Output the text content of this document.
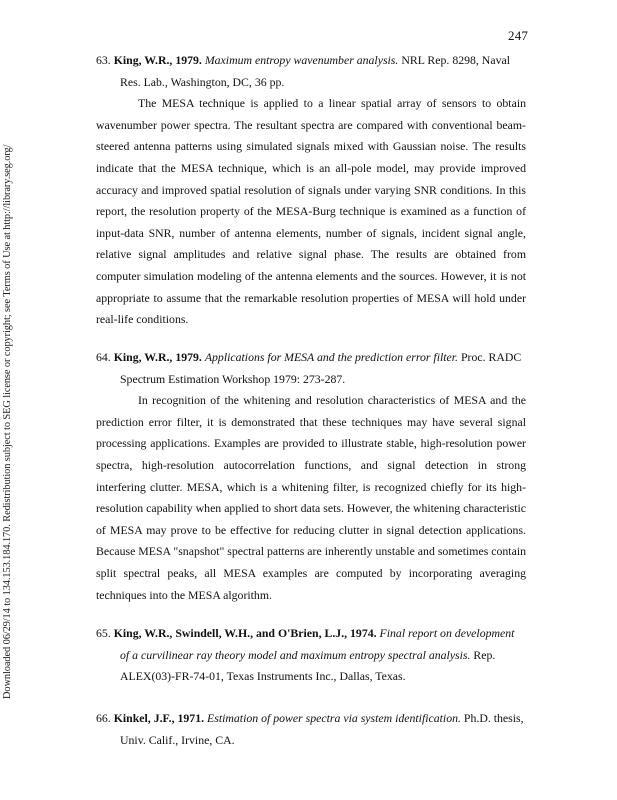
247
Downloaded 06/29/14 to 134.153.184.170. Redistribution subject to SEG license or copyright; see Terms of Use at http://library.seg.org/

63. King, W.R., 1979. Maximum entropy wavenumber analysis. NRL Rep. 8298, Naval Res. Lab., Washington, DC, 36 pp.

The MESA technique is applied to a linear spatial array of sensors to obtain wavenumber power spectra. The resultant spectra are compared with conventional beam-steered antenna patterns using simulated signals mixed with Gaussian noise. The results indicate that the MESA technique, which is an all-pole model, may provide improved accuracy and improved spatial resolution of signals under varying SNR conditions. In this report, the resolution property of the MESA-Burg technique is examined as a function of input-data SNR, number of antenna elements, number of signals, incident signal angle, relative signal amplitudes and relative signal phase. The results are obtained from computer simulation modeling of the antenna elements and the sources. However, it is not appropriate to assume that the remarkable resolution properties of MESA will hold under real-life conditions.

64. King, W.R., 1979. Applications for MESA and the prediction error filter. Proc. RADC Spectrum Estimation Workshop 1979: 273-287.

In recognition of the whitening and resolution characteristics of MESA and the prediction error filter, it is demonstrated that these techniques may have several signal processing applications. Examples are provided to illustrate stable, high-resolution power spectra, high-resolution autocorrelation functions, and signal detection in strong interfering clutter. MESA, which is a whitening filter, is recognized chiefly for its high-resolution capability when applied to short data sets. However, the whitening characteristic of MESA may prove to be effective for reducing clutter in signal detection applications. Because MESA "snapshot" spectral patterns are inherently unstable and sometimes contain split spectral peaks, all MESA examples are computed by incorporating averaging techniques into the MESA algorithm.

65. King, W.R., Swindell, W.H., and O'Brien, L.J., 1974. Final report on development of a curvilinear ray theory model and maximum entropy spectral analysis. Rep. ALEX(03)-FR-74-01, Texas Instruments Inc., Dallas, Texas.

66. Kinkel, J.F., 1971. Estimation of power spectra via system identification. Ph.D. thesis, Univ. Calif., Irvine, CA.
